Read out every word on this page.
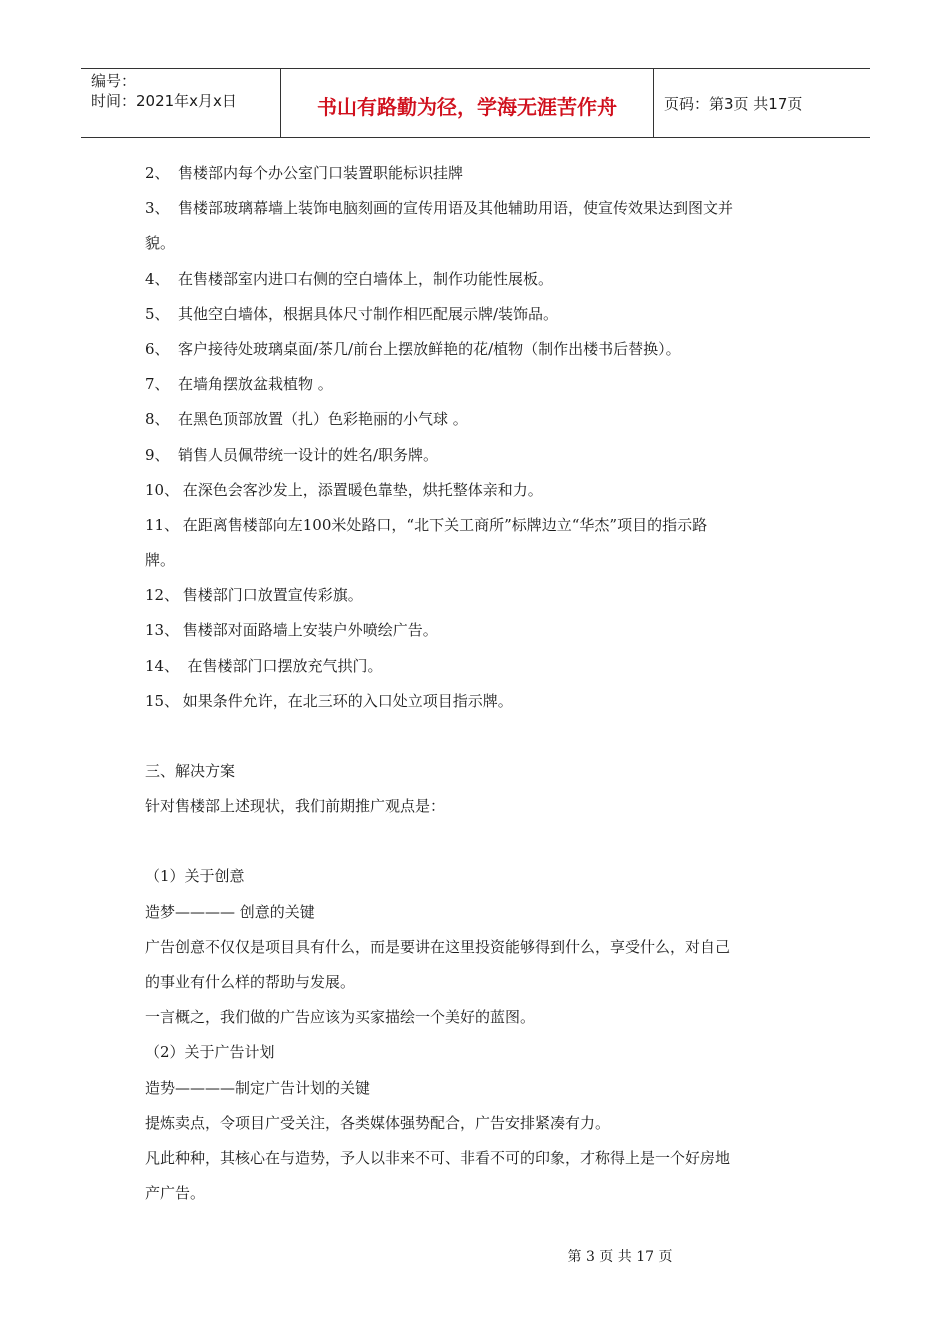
编号：
时间：2021年x月x日	书山有路勤为径，学海无涯苦作舟	页码：第3页 共17页
2、 售楼部内每个办公室门口装置职能标识挂牌
3、 售楼部玻璃幕墙上装饰电脑刻画的宣传用语及其他辅助用语，使宣传效果达到图文并
貌。
4、 在售楼部室内进口右侧的空白墙体上，制作功能性展板。
5、 其他空白墙体，根据具体尺寸制作相匹配展示牌/装饰品。
6、 客户接待处玻璃桌面/茶几/前台上摆放鲜艳的花/植物（制作出楼书后替换）。
7、 在墙角摆放盆栽植物 。
8、 在黑色顶部放置（扎）色彩艳丽的小气球 。
9、 销售人员佩带统一设计的姓名/职务牌。
10、 在深色会客沙发上，添置暖色靠垫，烘托整体亲和力。
11、 在距离售楼部向左100米处路口，“北下关工商所”标牌边立“华杰”项目的指示路
牌。
12、 售楼部门口放置宣传彩旗。
13、 售楼部对面路墙上安装户外喷绘广告。
14、  在售楼部门口摆放充气拱门。
15、 如果条件允许，在北三环的入口处立项目指示牌。
三、解决方案
针对售楼部上述现状，我们前期推广观点是：
（1）关于创意
造梦———— 创意的关键
广告创意不仅仅是项目具有什么，而是要讲在这里投资能够得到什么，享受什么，对自己
的事业有什么样的帮助与发展。
一言概之，我们做的广告应该为买家描绘一个美好的蓝图。
（2）关于广告计划
造势————制定广告计划的关键
提炼卖点，令项目广受关注，各类媒体强势配合，广告安排紧凑有力。
凡此种种，其核心在与造势，予人以非来不可、非看不可的印象，才称得上是一个好房地
产广告。
第 3 页 共 17 页
